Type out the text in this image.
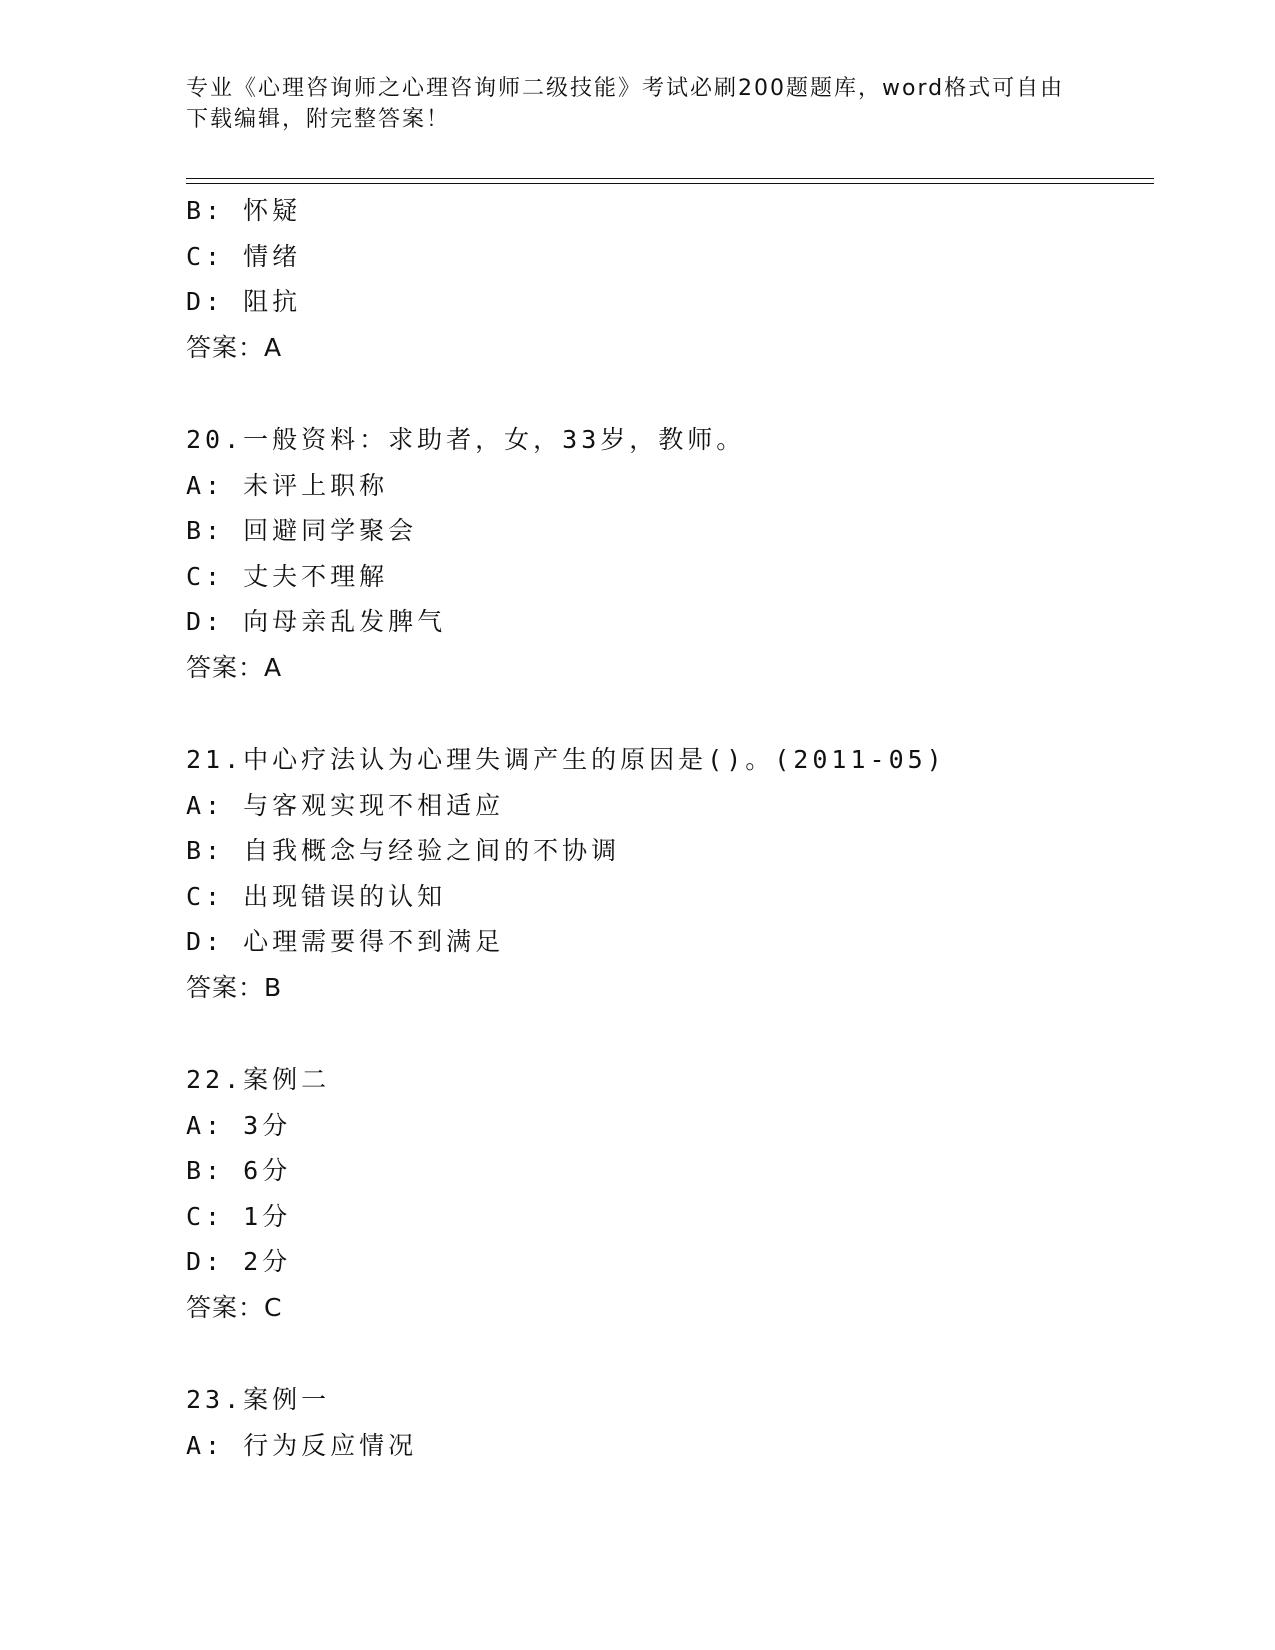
专业《心理咨询师之心理咨询师二级技能》考试必刷200题题库，word格式可自由下载编辑，附完整答案！
B: 怀疑
C: 情绪
D: 阻抗
答案：A
20.一般资料：求助者，女，33岁，教师。
A: 未评上职称
B: 回避同学聚会
C: 丈夫不理解
D: 向母亲乱发脾气
答案：A
21.中心疗法认为心理失调产生的原因是()。(2011-05)
A: 与客观实现不相适应
B: 自我概念与经验之间的不协调
C: 出现错误的认知
D: 心理需要得不到满足
答案：B
22.案例二
A: 3分
B: 6分
C: 1分
D: 2分
答案：C
23.案例一
A: 行为反应情况
